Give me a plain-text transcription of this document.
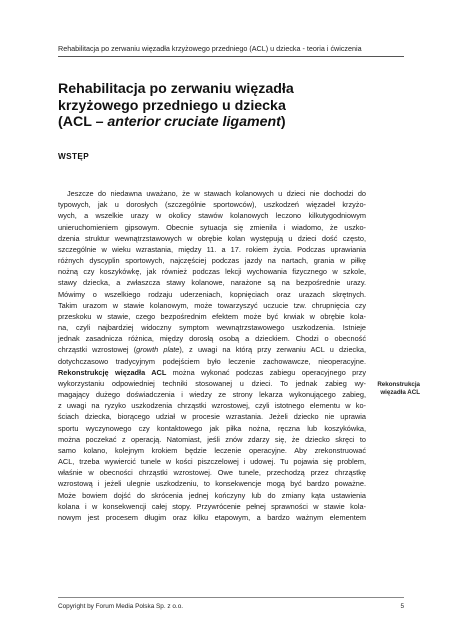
Rehabilitacja po zerwaniu więzadła krzyżowego przedniego (ACL) u dziecka - teoria i ćwiczenia
Rehabilitacja po zerwaniu więzadła
krzyżowego przedniego u dziecka
(ACL – anterior cruciate ligament)
WSTĘP
Jeszcze do niedawna uważano, że w stawach kolanowych u dzieci nie dochodzi do
typowych, jak u dorosłych (szczególnie sportowców), uszkodzeń więzadeł krzyżo-
wych, a wszelkie urazy w okolicy stawów kolanowych leczono kilkutygodniowym
unieruchomieniem gipsowym. Obecnie sytuacja się zmienila i wiadomo, że uszko-
dzenia struktur wewnątrzstawowych w obrębie kolan występują u dzieci dość często,
szczególnie w wieku wzrastania, między 11. a 17. rokiem życia. Podczas uprawiania
różnych dyscyplin sportowych, najczęściej podczas jazdy na nartach, grania w piłkę
nożną czy koszykówkę, jak również podczas lekcji wychowania fizycznego w szkole,
stawy dziecka, a zwłaszcza stawy kolanowe, narażone są na bezpośrednie urazy.
Mówimy o wszelkiego rodzaju uderzeniach, kopnięciach oraz urazach skrętnych.
Takim urazom w stawie kolanowym, może towarzyszyć uczucie tzw. chrupnięcia czy
przeskoku w stawie, czego bezpośrednim efektem może być krwiak w obrębie kola-
na, czyli najbardziej widoczny symptom wewnątrzstawowego uszkodzenia. Istnieje
jednak zasadnicza różnica, między dorosłą osobą a dzieckiem. Chodzi o obecność
chrząstki wzrostowej (growth plate), z uwagi na którą przy zerwaniu ACL u dziecka,
dotychczasowo tradycyjnym podejściem było leczenie zachowawcze, nieoperacyjne.
Rekonstrukcję więzadła ACL można wykonać podczas zabiegu operacyjnego przy
wykorzystaniu odpowiedniej techniki stosowanej u dzieci. To jednak zabieg wy-
magający dużego doświadczenia i wiedzy ze strony lekarza wykonującego zabieg,
z uwagi na ryzyko uszkodzenia chrząstki wzrostowej, czyli istotnego elementu w ko-
ściach dziecka, biorącego udział w procesie wzrastania. Jeżeli dziecko nie uprawia
sportu wyczynowego czy kontaktowego jak piłka nożna, ręczna lub koszykówka,
można poczekać z operacją. Natomiast, jeśli znów zdarzy się, że dziecko skręci to
samo kolano, kolejnym krokiem będzie leczenie operacyjne. Aby zrekonstruować
ACL, trzeba wywiercić tunele w kości piszczelowej i udowej. Tu pojawia się problem,
właśnie w obecności chrząstki wzrostowej. Owe tunele, przechodzą przez chrząstkę
wzrostową i jeżeli ulegnie uszkodzeniu, to konsekwencje mogą być bardzo poważne.
Może bowiem dojść do skrócenia jednej kończyny lub do zmiany kąta ustawienia
kolana i w konsekwencji całej stopy. Przywrócenie pełnej sprawności w stawie kola-
nowym jest procesem długim oraz kilku etapowym, a bardzo ważnym elementem
Rekonstrukcja
więzadła ACL
Copyright by Forum Media Polska Sp. z o.o.	5
